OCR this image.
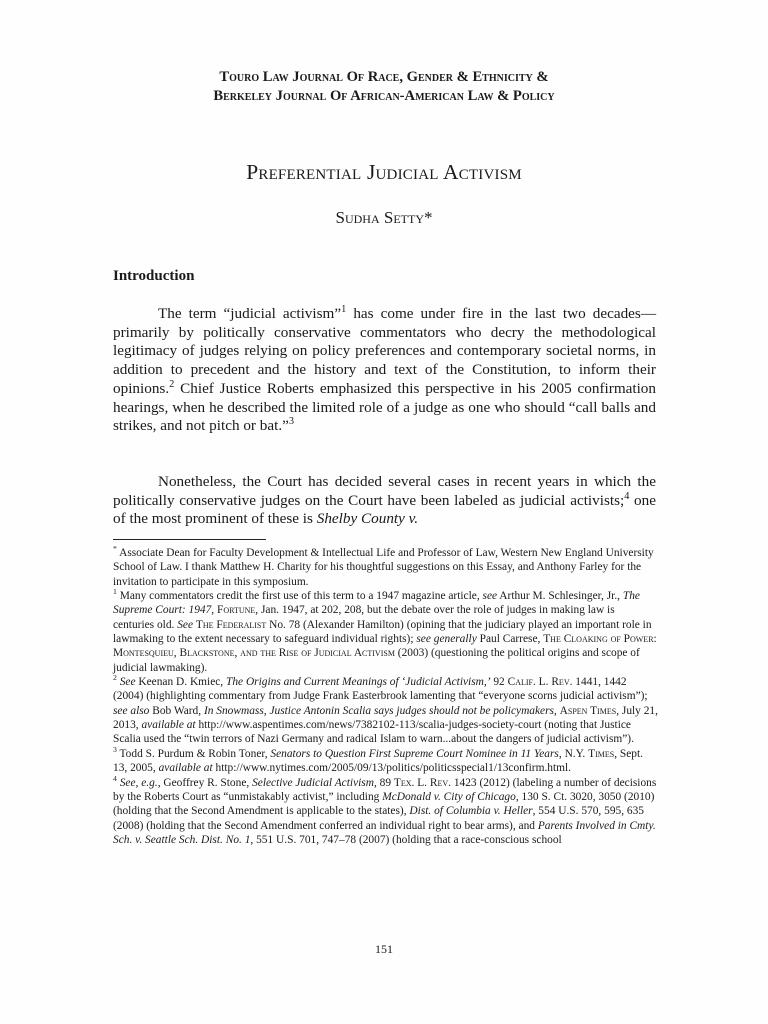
Touro Law Journal Of Race, Gender & Ethnicity &
Berkeley Journal Of African-American Law & Policy
Preferential Judicial Activism
Sudha Setty*
Introduction

The term “judicial activism”$^1$ has come under fire in the last two decades—primarily by politically conservative commentators who decry the methodological legitimacy of judges relying on policy preferences and contemporary societal norms, in addition to precedent and the history and text of the Constitution, to inform their opinions.$^2$ Chief Justice Roberts emphasized this perspective in his 2005 confirmation hearings, when he described the limited role of a judge as one who should “call balls and strikes, and not pitch or bat.”$^3$

Nonetheless, the Court has decided several cases in recent years in which the politically conservative judges on the Court have been labeled as judicial activists;$^4$ one of the most prominent of these is Shelby County v.

* Associate Dean for Faculty Development & Intellectual Life and Professor of Law, Western New England University School of Law. I thank Matthew H. Charity for his thoughtful suggestions on this Essay, and Anthony Farley for the invitation to participate in this symposium.

$^1$ Many commentators credit the first use of this term to a 1947 magazine article, see Arthur M. Schlesinger, Jr., The Supreme Court: 1947, Fortune, Jan. 1947, at 202, 208, but the debate over the role of judges in making law is centuries old. See The Federalist No. 78 (Alexander Hamilton) (opining that the judiciary played an important role in lawmaking to the extent necessary to safeguard individual rights); see generally Paul Carrese, The Cloaking of Power: Montesquieu, Blackstone, and the Rise of Judicial Activism (2003) (questioning the political origins and scope of judicial lawmaking).

$^2$ See Keenan D. Kmiec, The Origins and Current Meanings of ‘Judicial Activism,’ 92 Calif. L. Rev. 1441, 1442 (2004) (highlighting commentary from Judge Frank Easterbrook lamenting that “everyone scorns judicial activism”); see also Bob Ward, In Snowmass, Justice Antonin Scalia says judges should not be policymakers, Aspen Times, July 21, 2013, available at http://www.aspentimes.com/news/7382102-113/scalia-judges-society-court (noting that Justice Scalia used the “twin terrors of Nazi Germany and radical Islam to warn...about the dangers of judicial activism”).

$^3$ Todd S. Purdum & Robin Toner, Senators to Question First Supreme Court Nominee in 11 Years, N.Y. Times, Sept. 13, 2005, available at http://www.nytimes.com/2005/09/13/politics/politicsspecial1/13confirm.html.

$^4$ See, e.g., Geoffrey R. Stone, Selective Judicial Activism, 89 Tex. L. Rev. 1423 (2012) (labeling a number of decisions by the Roberts Court as “unmistakably activist,” including McDonald v. City of Chicago, 130 S. Ct. 3020, 3050 (2010) (holding that the Second Amendment is applicable to the states), Dist. of Columbia v. Heller, 554 U.S. 570, 595, 635 (2008) (holding that the Second Amendment conferred an individual right to bear arms), and Parents Involved in Cmty. Sch. v. Seattle Sch. Dist. No. 1, 551 U.S. 701, 747–78 (2007) (holding that a race-conscious school

151
